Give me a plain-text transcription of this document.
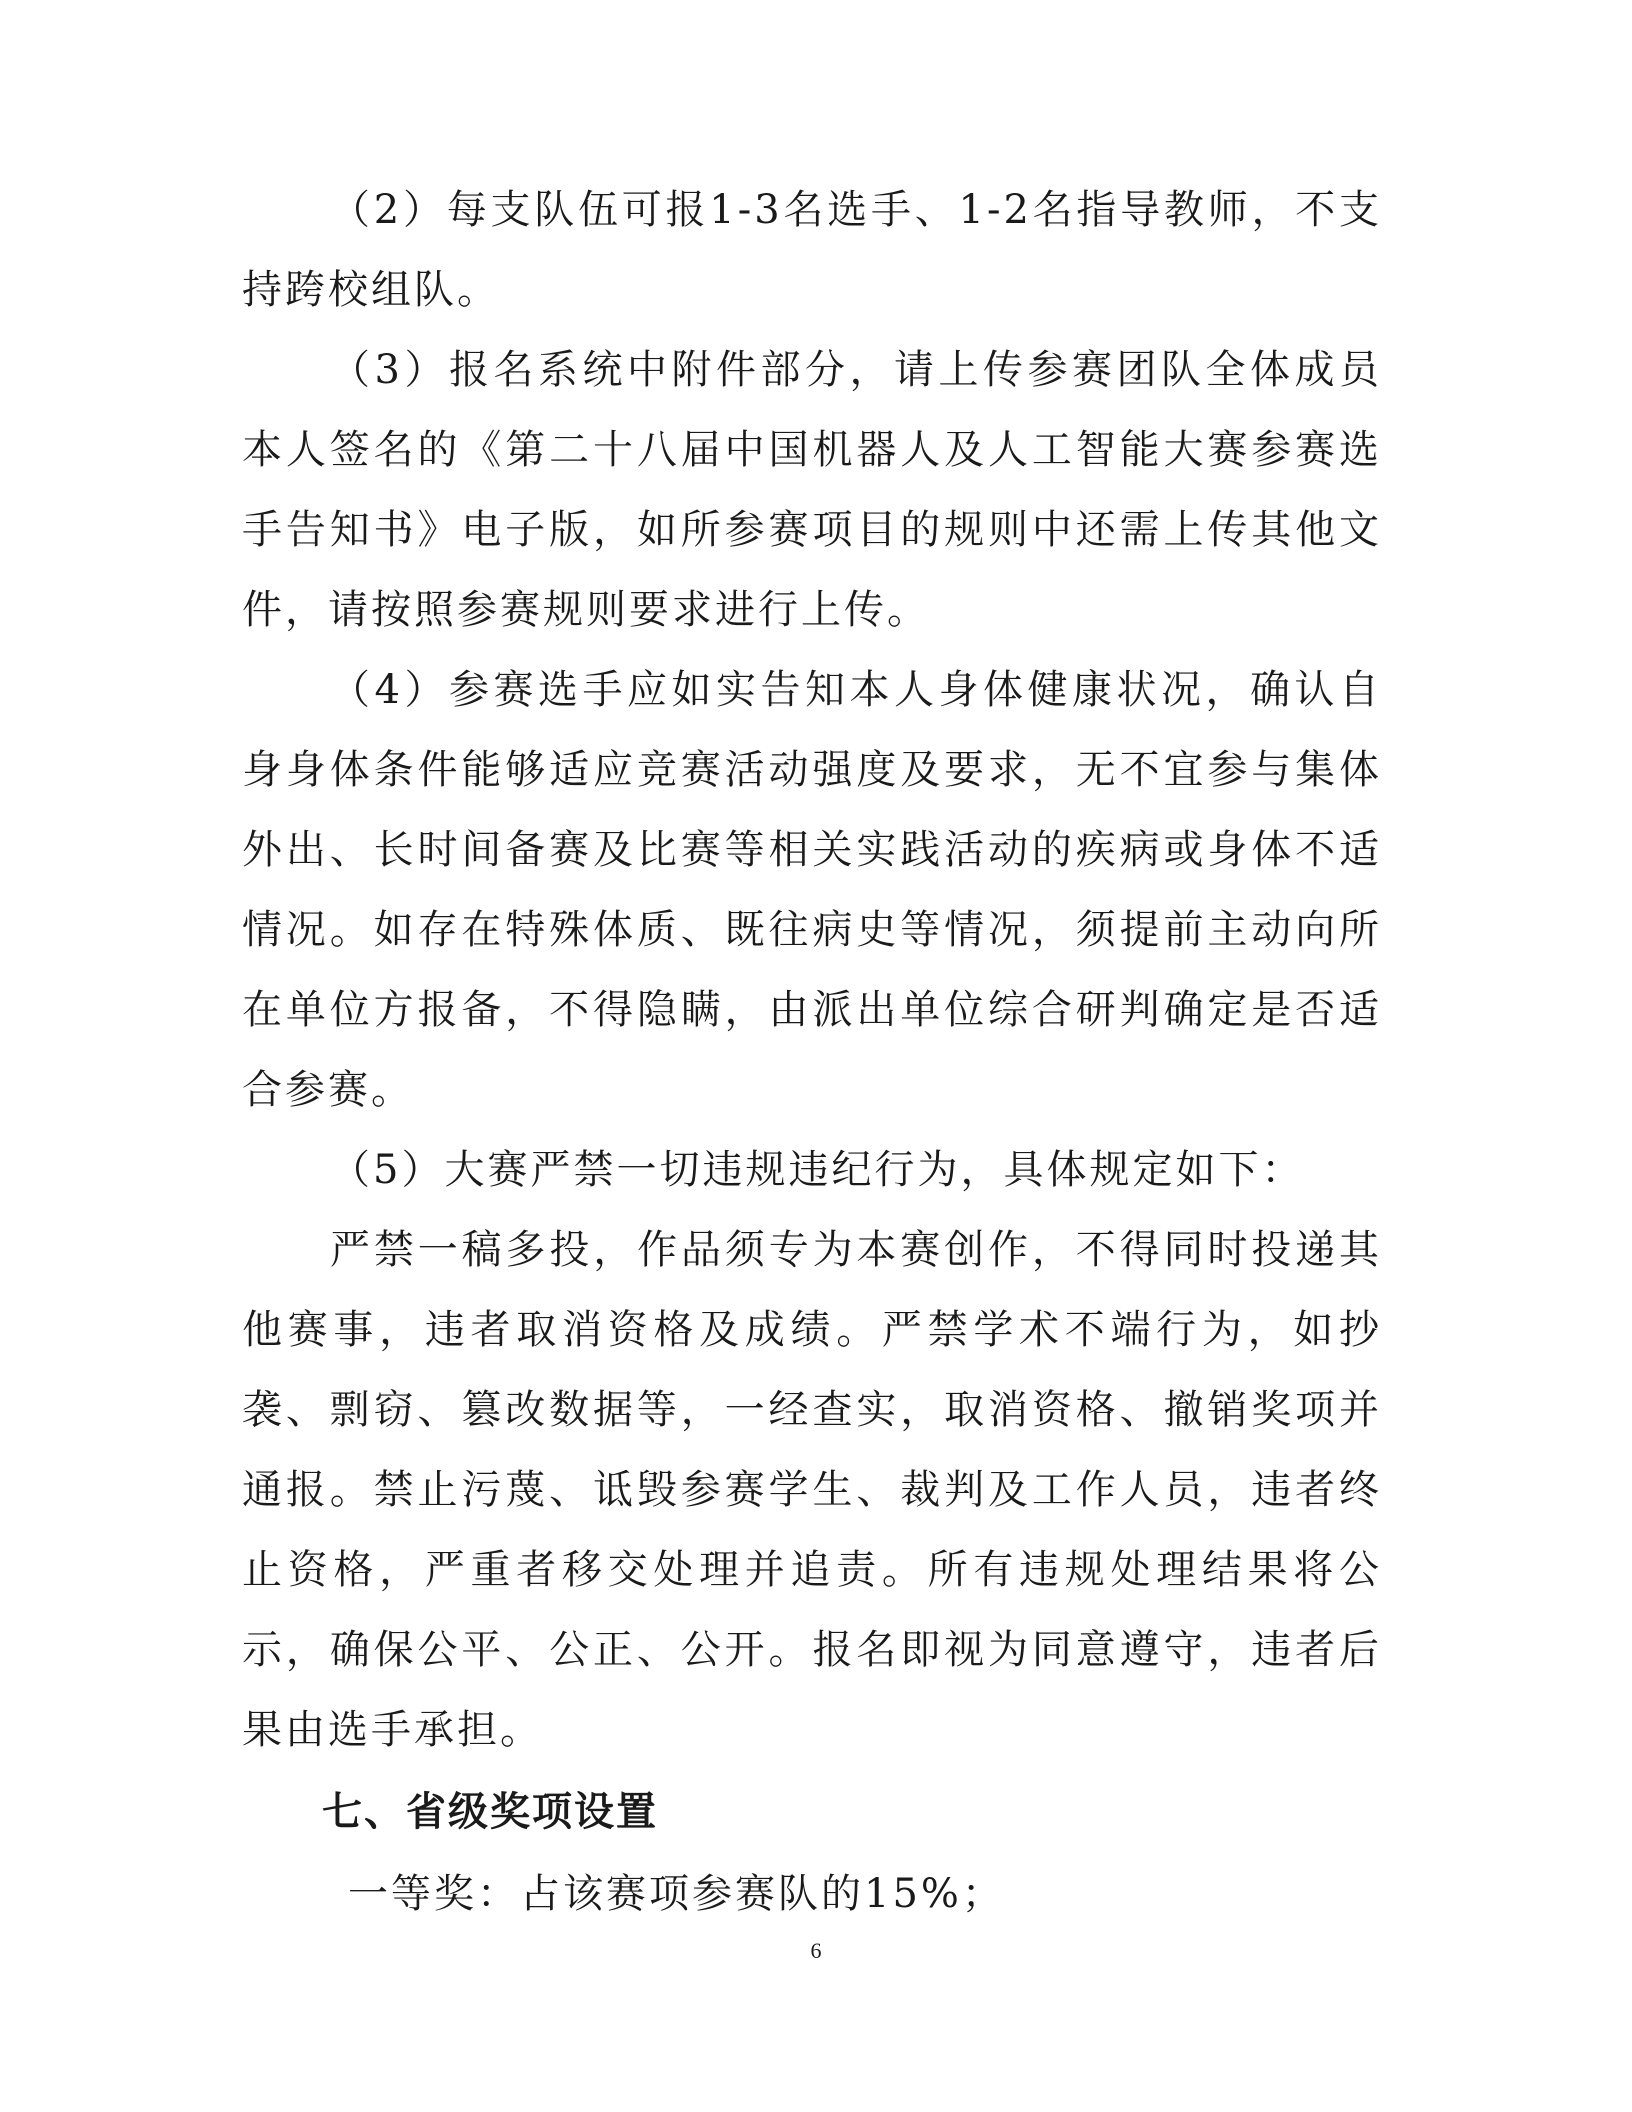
（2）每支队伍可报1-3名选手、1-2名指导教师，不支持跨校组队。

（3）报名系统中附件部分，请上传参赛团队全体成员本人签名的《第二十八届中国机器人及人工智能大赛参赛选手告知书》电子版，如所参赛项目的规则中还需上传其他文件，请按照参赛规则要求进行上传。

（4）参赛选手应如实告知本人身体健康状况，确认自身身体条件能够适应竞赛活动强度及要求，无不宜参与集体外出、长时间备赛及比赛等相关实践活动的疾病或身体不适情况。如存在特殊体质、既往病史等情况，须提前主动向所在单位方报备，不得隐瞒，由派出单位综合研判确定是否适合参赛。

（5）大赛严禁一切违规违纪行为，具体规定如下：

严禁一稿多投，作品须专为本赛创作，不得同时投递其他赛事，违者取消资格及成绩。严禁学术不端行为，如抄袭、剽窃、篡改数据等，一经查实，取消资格、撤销奖项并通报。禁止污蔑、诋毁参赛学生、裁判及工作人员，违者终止资格，严重者移交处理并追责。所有违规处理结果将公示，确保公平、公正、公开。报名即视为同意遵守，违者后果由选手承担。

七、省级奖项设置

一等奖：占该赛项参赛队的15%；

6
